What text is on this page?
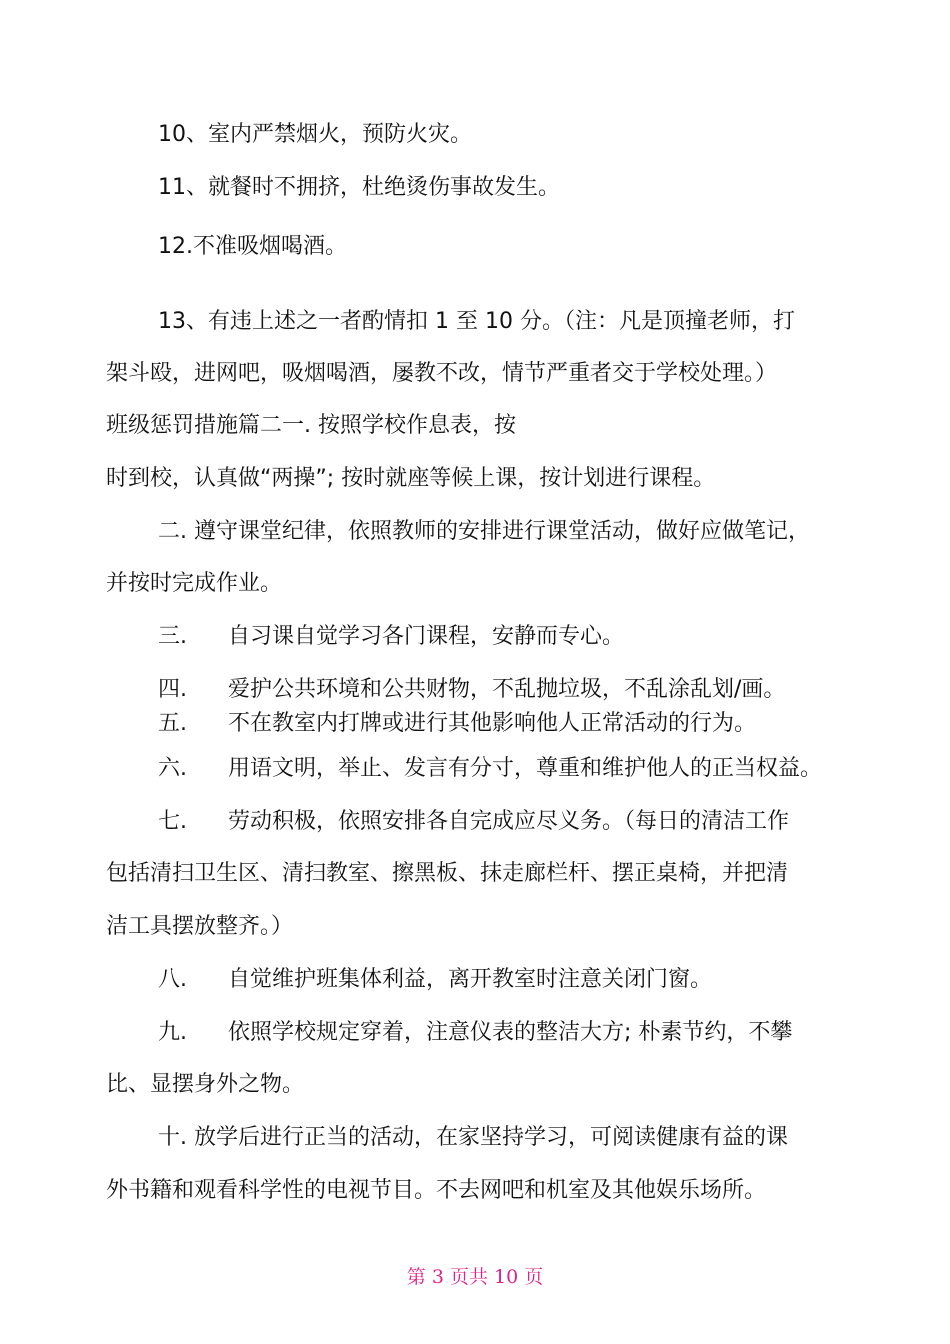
10、室内严禁烟火，预防火灾。
11、就餐时不拥挤，杜绝烫伤事故发生。
12.不准吸烟喝酒。
13、有违上述之一者酌情扣 1 至 10 分。（注：凡是顶撞老师，打
架斗殴，进网吧，吸烟喝酒，屡教不改，情节严重者交于学校处理。）
班级惩罚措施篇二一. 按照学校作息表，按
时到校，认真做“两操”; 按时就座等候上课，按计划进行课程。
二. 遵守课堂纪律，依照教师的安排进行课堂活动，做好应做笔记，
并按时完成作业。
三. 自习课自觉学习各门课程，安静而专心。
四. 爱护公共环境和公共财物，不乱抛垃圾，不乱涂乱划/画。
五. 不在教室内打牌或进行其他影响他人正常活动的行为。
六. 用语文明，举止、发言有分寸，尊重和维护他人的正当权益。
七. 劳动积极，依照安排各自完成应尽义务。（每日的清洁工作
包括清扫卫生区、清扫教室、擦黑板、抹走廊栏杆、摆正桌椅，并把清
洁工具摆放整齐。）
八. 自觉维护班集体利益，离开教室时注意关闭门窗。
九. 依照学校规定穿着，注意仪表的整洁大方; 朴素节约，不攀
比、显摆身外之物。
十. 放学后进行正当的活动，在家坚持学习，可阅读健康有益的课
外书籍和观看科学性的电视节目。不去网吧和机室及其他娱乐场所。
第 3 页共 10 页
